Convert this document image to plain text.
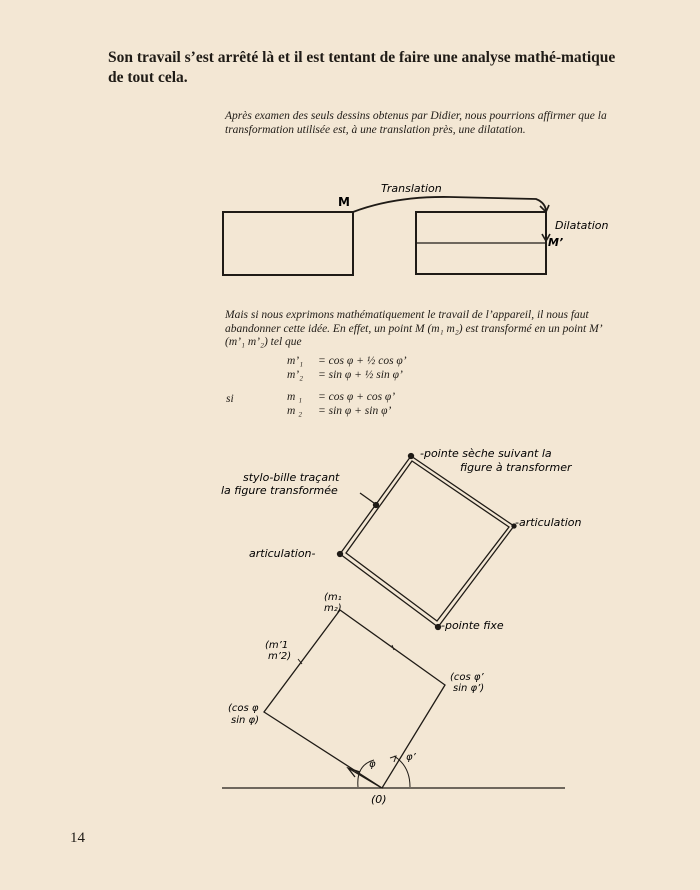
Son travail s’est arrêté là et il est tentant de faire une analyse mathé-matique de tout cela.
Après examen des seuls dessins obtenus par Didier, nous pourrions affirmer que la transformation utilisée est, à une translation près, une dilatation.
M
Translation
Dilatation
M’
-pointe sèche suivant la
figure à transformer
stylo-bille traçant
la figure transformée
-articulation
articulation-
-pointe fixe
(m₁
m₂)
(m’1
m’2)
(cos φ’
sin φ’)
(cos φ
sin φ)
φ
φ’
(0)
Mais si nous exprimons mathématiquement le travail de l’appareil, il nous faut abandonner cette idée. En effet, un point M (m₁ m₂) est transformé en un point M’ (m’₁ m’₂) tel que
m’₁ = cos φ + ½ cos φ’
m’₂ = sin φ + ½ sin φ’
si	m ₁ = cos φ + cos φ’
m ₂ = sin φ + sin φ’
14
